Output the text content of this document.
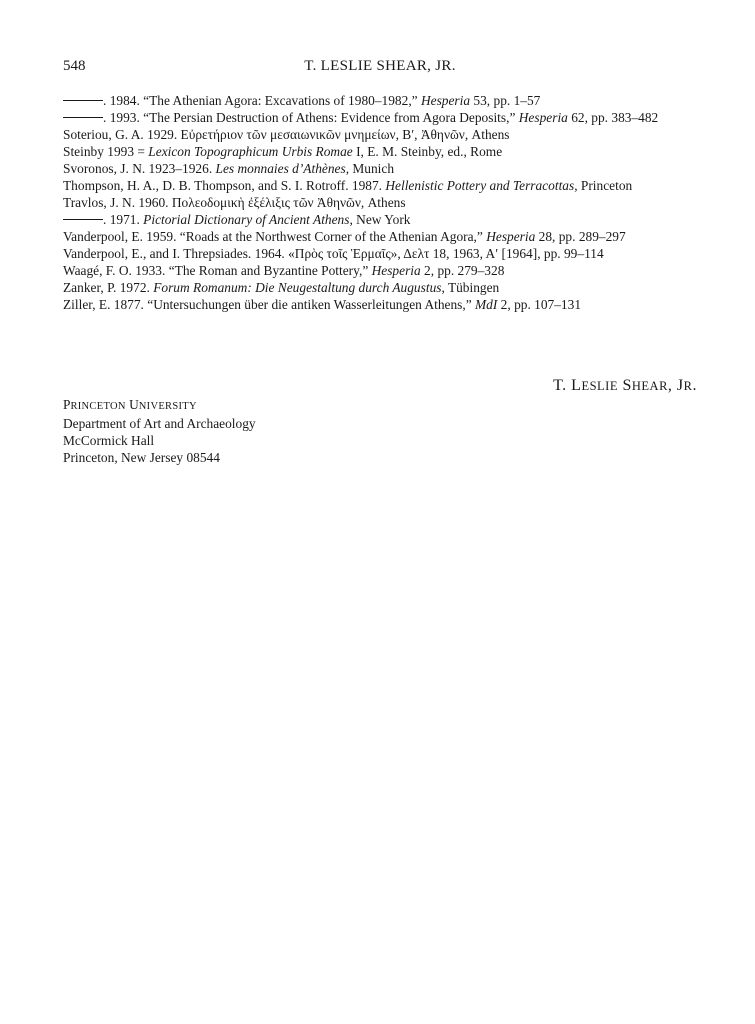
548	T. LESLIE SHEAR, JR.

. 1984. “The Athenian Agora: Excavations of 1980–1982,” Hesperia 53, pp. 1–57

. 1993. “The Persian Destruction of Athens: Evidence from Agora Deposits,” Hesperia 62, pp. 383–482

Soteriou, G. A. 1929. Εὐρετήριον τῶν μεσαιωνικῶν μνημείων, Β′, Ἀθηνῶν, Athens

Steinby 1993 = Lexicon Topographicum Urbis Romae I, E. M. Steinby, ed., Rome

Svoronos, J. N. 1923–1926. Les monnaies d’Athènes, Munich

Thompson, H. A., D. B. Thompson, and S. I. Rotroff. 1987. Hellenistic Pottery and Terracottas, Princeton

Travlos, J. N. 1960. Πολεοδομικὴ ἐξέλιξις τῶν Ἀθηνῶν, Athens

. 1971. Pictorial Dictionary of Ancient Athens, New York

Vanderpool, E. 1959. “Roads at the Northwest Corner of the Athenian Agora,” Hesperia 28, pp. 289–297

Vanderpool, E., and I. Threpsiades. 1964. «Πρὸς τοῖς Ἑρμαῖς», Δελτ 18, 1963, Α′ [1964], pp. 99–114

Waagé, F. O. 1933. “The Roman and Byzantine Pottery,” Hesperia 2, pp. 279–328

Zanker, P. 1972. Forum Romanum: Die Neugestaltung durch Augustus, Tübingen

Ziller, E. 1877. “Untersuchungen über die antiken Wasserleitungen Athens,” MdI 2, pp. 107–131

T. LESLIE SHEAR, JR.
PRINCETON UNIVERSITY
Department of Art and Archaeology
McCormick Hall
Princeton, New Jersey 08544
